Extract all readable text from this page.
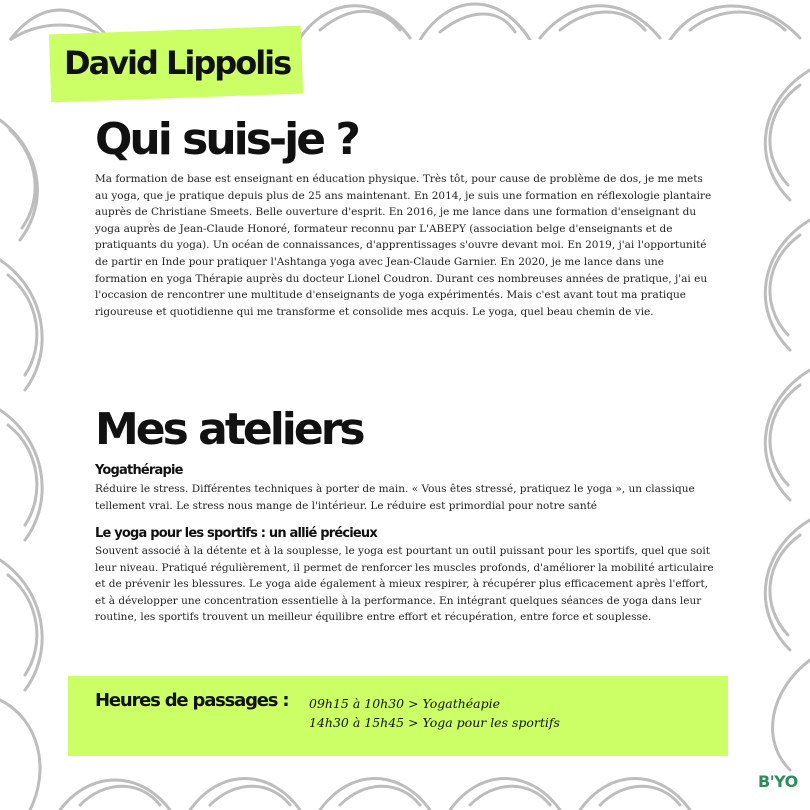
David Lippolis
Qui suis-je ?

Ma formation de base est enseignant en éducation physique. Très tôt, pour cause de problème de dos, je me mets au yoga, que je pratique depuis plus de 25 ans maintenant. En 2014, je suis une formation en réflexologie plantaire auprès de Christiane Smeets. Belle ouverture d'esprit. En 2016, je me lance dans une formation d'enseignant du yoga auprès de Jean-Claude Honoré, formateur reconnu par L'ABEPY (association belge d'enseignants et de pratiquants du yoga). Un océan de connaissances, d'apprentissages s'ouvre devant moi. En 2019, j'ai l'opportunité de partir en Inde pour pratiquer l'Ashtanga yoga avec Jean-Claude Garnier. En 2020, je me lance dans une formation en yoga Thérapie auprès du docteur Lionel Coudron. Durant ces nombreuses années de pratique, j'ai eu l'occasion de rencontrer une multitude d'enseignants de yoga expérimentés. Mais c'est avant tout ma pratique rigoureuse et quotidienne qui me transforme et consolide mes acquis. Le yoga, quel beau chemin de vie.

Mes ateliers
Yogathérapie

Réduire le stress. Différentes techniques à porter de main. « Vous êtes stressé, pratiquez le yoga », un classique tellement vrai. Le stress nous mange de l'intérieur. Le réduire est primordial pour notre santé

Le yoga pour les sportifs : un allié précieux

Souvent associé à la détente et à la souplesse, le yoga est pourtant un outil puissant pour les sportifs, quel que soit leur niveau. Pratiqué régulièrement, il permet de renforcer les muscles profonds, d'améliorer la mobilité articulaire et de prévenir les blessures. Le yoga aide également à mieux respirer, à récupérer plus efficacement après l'effort, et à développer une concentration essentielle à la performance. En intégrant quelques séances de yoga dans leur routine, les sportifs trouvent un meilleur équilibre entre effort et récupération, entre force et souplesse.

Heures de passages : 09h15 à 10h30 > Yogathéapie
14h30 à 15h45 > Yoga pour les sportifs
B'YO
